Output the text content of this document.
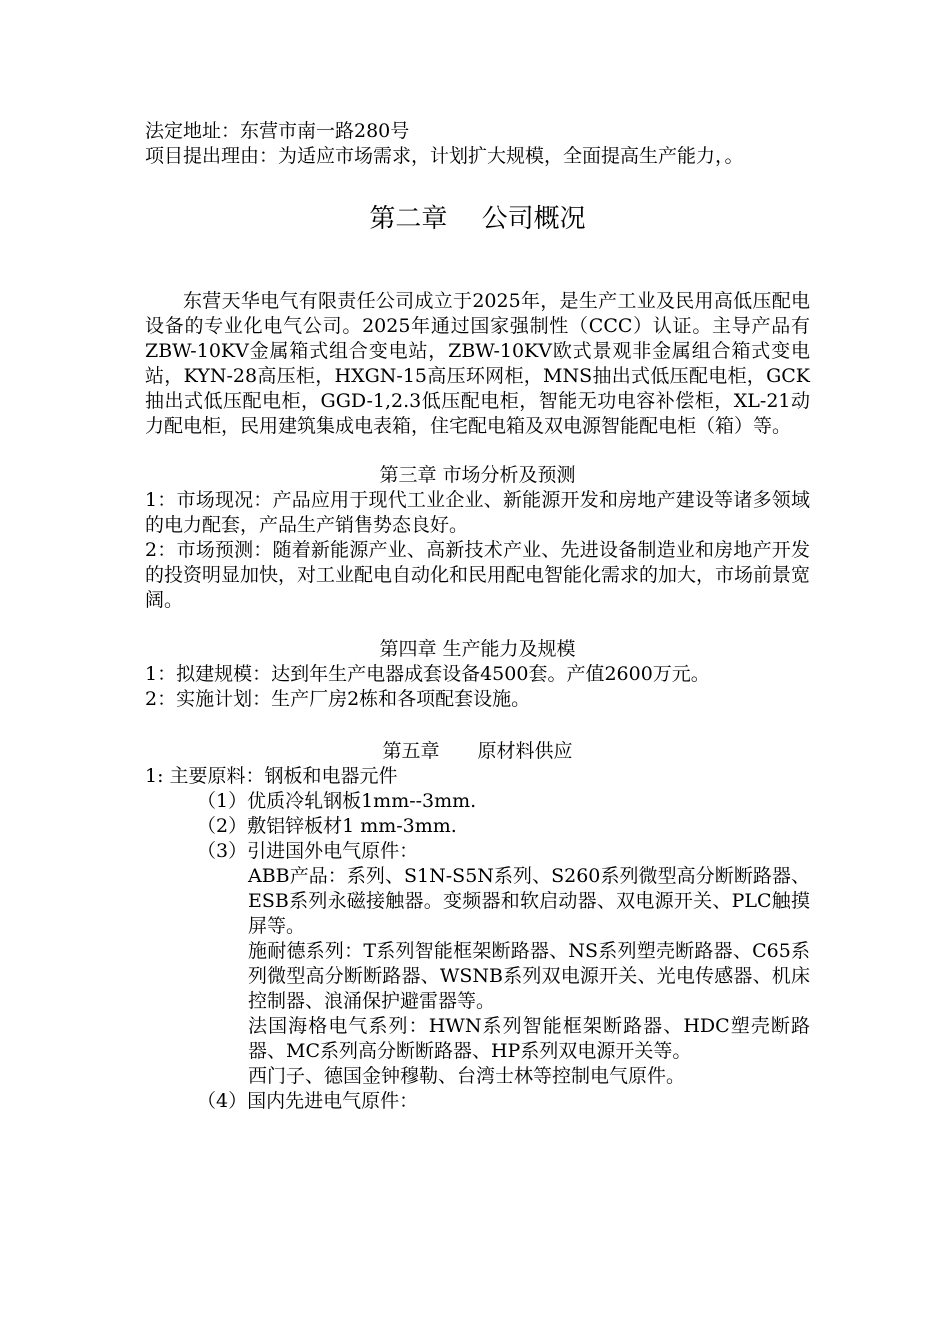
法定地址：东营市南一路280号

项目提出理由：为适应市场需求，计划扩大规模，全面提高生产能力，。

第二章　 公司概况

东营天华电气有限责任公司成立于2025年，是生产工业及民用高低压配电设备的专业化电气公司。2025年通过国家强制性（CCC）认证。主导产品有ZBW-10KV金属箱式组合变电站，ZBW-10KV欧式景观非金属组合箱式变电站，KYN-28高压柜，HXGN-15高压环网柜，MNS抽出式低压配电柜，GCK抽出式低压配电柜，GGD-1,2.3低压配电柜，智能无功电容补偿柜，XL-21动力配电柜，民用建筑集成电表箱，住宅配电箱及双电源智能配电柜（箱）等。

第三章 市场分析及预测

1：市场现况：产品应用于现代工业企业、新能源开发和房地产建设等诸多领域的电力配套，产品生产销售势态良好。

2：市场预测：随着新能源产业、高新技术产业、先进设备制造业和房地产开发的投资明显加快，对工业配电自动化和民用配电智能化需求的加大，市场前景宽阔。

第四章 生产能力及规模

1：拟建规模：达到年生产电器成套设备4500套。产值2600万元。

2：实施计划：生产厂房2栋和各项配套设施。

第五章　　原材料供应

1: 主要原料：钢板和电器元件

（1）优质冷轧钢板1mm--3mm.

（2）敷铝锌板材1 mm-3mm.

（3）引进国外电气原件：

ABB产品：系列、S1N-S5N系列、S260系列微型高分断断路器、ESB系列永磁接触器。变频器和软启动器、双电源开关、PLC触摸屏等。

施耐德系列：T系列智能框架断路器、NS系列塑壳断路器、C65系列微型高分断断路器、WSNB系列双电源开关、光电传感器、机床控制器、浪涌保护避雷器等。

法国海格电气系列：HWN系列智能框架断路器、HDC塑壳断路器、MC系列高分断断路器、HP系列双电源开关等。

西门子、德国金钟穆勒、台湾士林等控制电气原件。

（4）国内先进电气原件：
